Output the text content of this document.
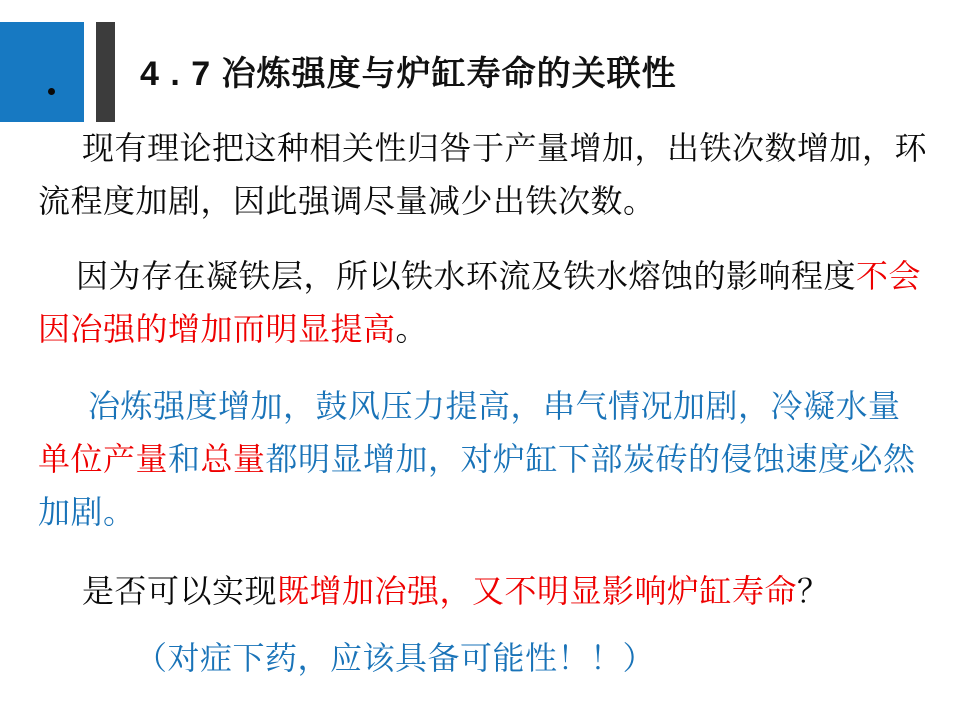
4 . 7 冶炼强度与炉缸寿命的关联性
现有理论把这种相关性归咎于产量增加，出铁次数增加，环
流程度加剧，因此强调尽量减少出铁次数。
因为存在凝铁层，所以铁水环流及铁水熔蚀的影响程度不会
因冶强的增加而明显提高。
冶炼强度增加，鼓风压力提高，串气情况加剧，冷凝水量
单位产量和总量都明显增加，对炉缸下部炭砖的侵蚀速度必然
加剧。
是否可以实现既增加冶强，又不明显影响炉缸寿命？
（对症下药，应该具备可能性！！）
